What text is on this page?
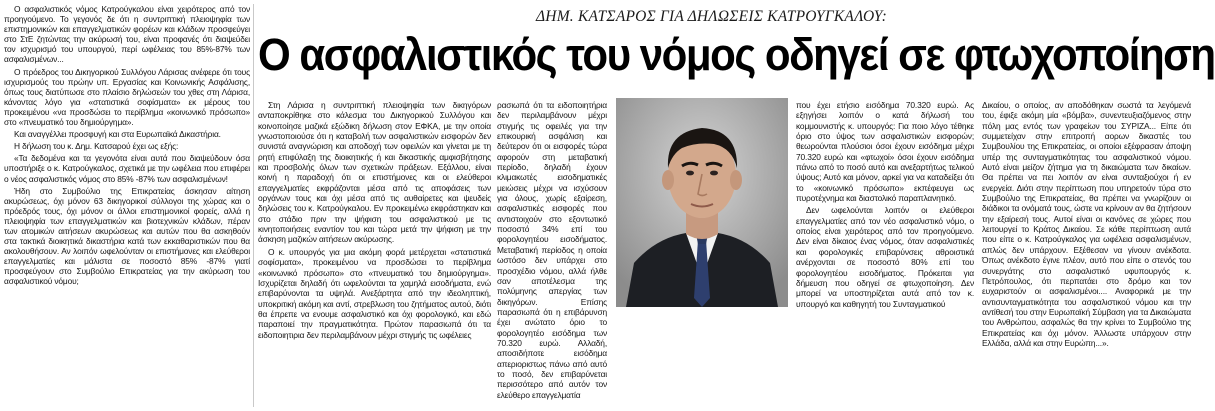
Ο ασφαλιστικός νόμος Κατρούγκαλου είναι χειρότερος από τον προηγούμενο. Το γεγονός δε ότι η συντριπτική πλειοψηφία των επιστημονικών και επαγγελματικών φορέων και κλάδων προσφεύγει στο ΣτΕ ζητώντας την ακύρωσή του, είναι προφανές ότι διαψεύδει τον ισχυρισμό του υπουργού, περί ωφέλειας του 85%-87% των ασφαλισμένων...

Ο πρόεδρος του Δικηγορικού Συλλόγου Λάρισας ανέφερε ότι τους ισχυρισμούς του πρώην υπ. Εργασίας και Κοινωνικής Ασφάλισης, όπως τους διατύπωσε στο πλαίσιο δηλώσεών του χθες στη Λάρισα, κάνοντας λόγο για «στατιστικά σοφίσματα» εκ μέρους του προκειμένου «να προσδώσει το περίβλημα «κοινωνικό πρόσωπο» στο «πνευματικό του δημιούργημα».

Και αναγγέλλει προσφυγή και στα Ευρωπαϊκά Δικαστήρια.

Η δήλωση του κ. Δημ. Κατσαρού έχει ως εξής:

«Τα δεδομένα και τα γεγονότα είναι αυτά που διαψεύδουν όσα υποστήριξε ο κ. Κατρούγκαλος, σχετικά με την ωφέλεια που επιφέρει ο νέος ασφαλιστικός νόμος στο 85% -87% των ασφαλισμένων!

Ήδη στο Συμβούλιο της Επικρατείας άσκησαν αίτηση ακυρώσεως, όχι μόνον 63 δικηγορικοί σύλλογοι της χώρας και ο πρόεδρός τους, όχι μόνον οι άλλοι επιστημονικοί φορείς, αλλά η πλειοψηφία των επαγγελματικών και βιοτεχνικών κλάδων, πέραν των ατομικών αιτήσεων ακυρώσεως και αυτών που θα ασκηθούν στα τακτικά διοικητικά δικαστήρια κατά των εκκαθαριστικών που θα ακολουθήσουν. Αν λοιπόν ωφελούνταν οι επιστήμονες και ελεύθεροι επαγγελματίες και μάλιστα σε ποσοστό 85% -87% γιατί προσφεύγουν στο Συμβούλιο Επικρατείας για την ακύρωση του ασφαλιστικού νόμου;

ΔΗΜ. ΚΑΤΣΑΡΟΣ ΓΙΑ ΔΗΛΩΣΕΙΣ ΚΑΤΡΟΥΓΚΑΛΟΥ:
Ο ασφαλιστικός του νόμος οδηγεί σε φτωχοποίηση

Στη Λάρισα η συντριπτική πλειοψηφία των δικηγόρων ανταποκρίθηκε στο κάλεσμα του Δικηγορικού Συλλόγου και κοινοποίησε μαζικά εξώδικη δήλωση στον ΕΦΚΑ, με την οποία γνωστοποιούσε ότι η καταβολή των ασφαλιστικών εισφορών δεν συνιστά αναγνώριση και αποδοχή των οφειλών και γίνεται με τη ρητή επιφύλαξη της διοικητικής ή και δικαστικής αμφισβήτησης και προσβολής όλων των σχετικών πράξεων. Εξάλλου, είναι κοινή η παραδοχή ότι οι επιστήμονες και οι ελεύθεροι επαγγελματίες εκφράζονται μέσα από τις αποφάσεις των οργάνων τους και όχι μέσα από τις αυθαίρετες και ψευδείς δηλώσεις του κ. Κατρούγκαλου. Εν προκειμένω εκφράστηκαν και στο στάδιο πριν την ψήφιση του ασφαλιστικού με τις κινητοποιήσεις εναντίον του και τώρα μετά την ψήφιση με την άσκηση μαζικών αιτήσεων ακύρωσης.

Ο κ. υπουργός για μια ακόμη φορά μετέρχεται «στατιστικά σοφίσματα», προκειμένου να προσδώσει το περίβλημα «κοινωνικό πρόσωπο» στο «πνευματικό του δημιούργημα». Ισχυρίζεται δηλαδή ότι ωφελούνται τα χαμηλά εισοδήματα, ενώ επιβαρύνονται τα υψηλά. Ανεξάρτητα από την ιδεοληπτική, υποκριτική ακόμη και αντί, στρεβλωση του ζητήματος αυτού, διότι θα έπρεπε να ενουμε ασφαλιστικό και όχι φορολογικό, και εδώ παραποιεί την πραγματικότητα. Πρώτον παρασιωπά ότι τα ειδοποιητιρια δεν περιλαμβάνουν μέχρι στιγμής τις ωφέλειες

ρασιωπά ότι τα ειδοποιητήρια δεν περιλαμβάνουν μέχρι στιγμής τις οφειλές για την επικουρική ασφάλιση και δεύτερον ότι οι εισφορές τώρα αφορούν στη μεταβατική περίοδο, δηλαδή έχουν κλιμακωτές εισοδηματικές μειώσεις μέχρι να ισχύσουν για όλους, χωρίς εξαίρεση, ασφαλιστικές εισφορές που αντιστοιχούν στο εξοντωτικό ποσοστό 34% επί του φορολογητέου εισοδήματος. Μεταβατική περίοδος η οποία ωστόσο δεν υπάρχει στο προσχέδιο νόμου, αλλά ήλθε σαν αποτέλεσμα της πολύμηνης απεργίας των δικηγόρων. Επίσης παρασιωπά ότι η επιβάρυνση έχει ανώτατο όριο το φορολογητέο εισόδημα των 70.320 ευρώ. Αλλαδή, αποσιδήποτε εισόδημα απεριοριστως πάνω από αυτό το ποσό, δεν επιβαρύνεται περισσότερο από αυτόν τον ελεύθερο επαγγελματία

που έχει ετήσιο εισόδημα 70.320 ευρώ. Ας εξηγήσει λοιπόν ο κατά δήλωσή του κομμουνιστής κ. υπουργός: Για ποιο λόγο τέθηκε όριο στο ύψος των ασφαλιστικών εισφορών; θεωρούνται πλούσιοι όσοι έχουν εισόδημα μέχρι 70.320 ευρώ και «φτωχοί» όσοι έχουν εισόδημα πάνω από το ποσό αυτό και ανεξαρτήτως τελικού ύψους; Αυτό και μόνον, αρκεί για να καταδείξει ότι το «κοινωνικό πρόσωπο» εκπέφευγει ως πυροτέχνημα και διαστολικό παραπλανητικό.

Δεν ωφελούνται λοιπόν οι ελεύθεροι επαγγελματίες από τον νέο ασφαλιστικό νόμο, ο οποίος είναι χειρότερος από τον προηγούμενο. Δεν είναι δίκαιος ένας νόμος, όταν ασφαλιστικές και φορολογικές επιβαρύνσεις αθροιστικά ανέρχονται σε ποσοστό 80% επί του φορολογητέου εισοδήματος. Πρόκειται για δήμευση που οδηγεί σε φτωχοποίηση. Δεν μπορεί να υποστηρίζεται αυτά από τον κ. υπουργό και καθηγητή του Συνταγματικού

Δικαίου, ο οποίος, αν αποδόθηκαν σωστά τα λεγόμενά του, έφιξε ακόμη μία «βόμβα», συνεντευξιαζόμενος στην πόλη μας εντός των γραφείων του ΣΥΡΙΖΑ... Είπε ότι συμμετείχαν στην επιτροπή αορων δικαστές του Συμβουλίου της Επικρατείας, οι οποίοι εξέφρασαν άποψη υπέρ της συνταγματικότητας του ασφαλιστικού νόμου. Αυτό είναι μείζον ζήτημα για τη δικαιώματα των δικαίων. Θα πρέπει να πει λοιπόν αν είναι συνταξιούχοι ή εν ενεργεία. Διότι στην περίπτωση που υπηρετούν τύρα στο Συμβούλιο της Επικρατείας, θα πρέπει να γνωρίζουν οι διάδικοι τα ονόματά τους, ώστε να κρίνουν αν θα ζητήσουν την εξαίρεσή τους. Αυτοί είναι οι κανόνες σε χώρες που λειτουργεί το Κράτος Δικαίου. Σε κάθε περίπτωση αυτά που είπε ο κ. Κατρούγκαλος για ωφέλεια ασφαλισμένων, απλώς δεν υπάρχουν. Εξέθεσαν να γίνουν ανέκδοτα. Όπως ανέκδοτο έγινε πλέον, αυτό που είπε ο στενός του συνεργάτης στο ασφαλιστικό υφυπουργός κ. Πετρόπουλος, ότι περπατάει στο δρόμο και τον ευχαριστούν οι ασφαλισμένοι.... Αναφορικά με την αντισυνταγματικότητα του ασφαλιστικού νόμου και την αντίθεσή του στην Ευρωπαϊκή Σύμβαση για τα Δικαιώματα του Ανθρώπου, ασφαλώς θα την κρίνει το Συμβούλιο της Επικρατείας και όχι μόνον. Άλλωστε υπάρχουν στην Ελλάδα, αλλά και στην Ευρώπη...».
